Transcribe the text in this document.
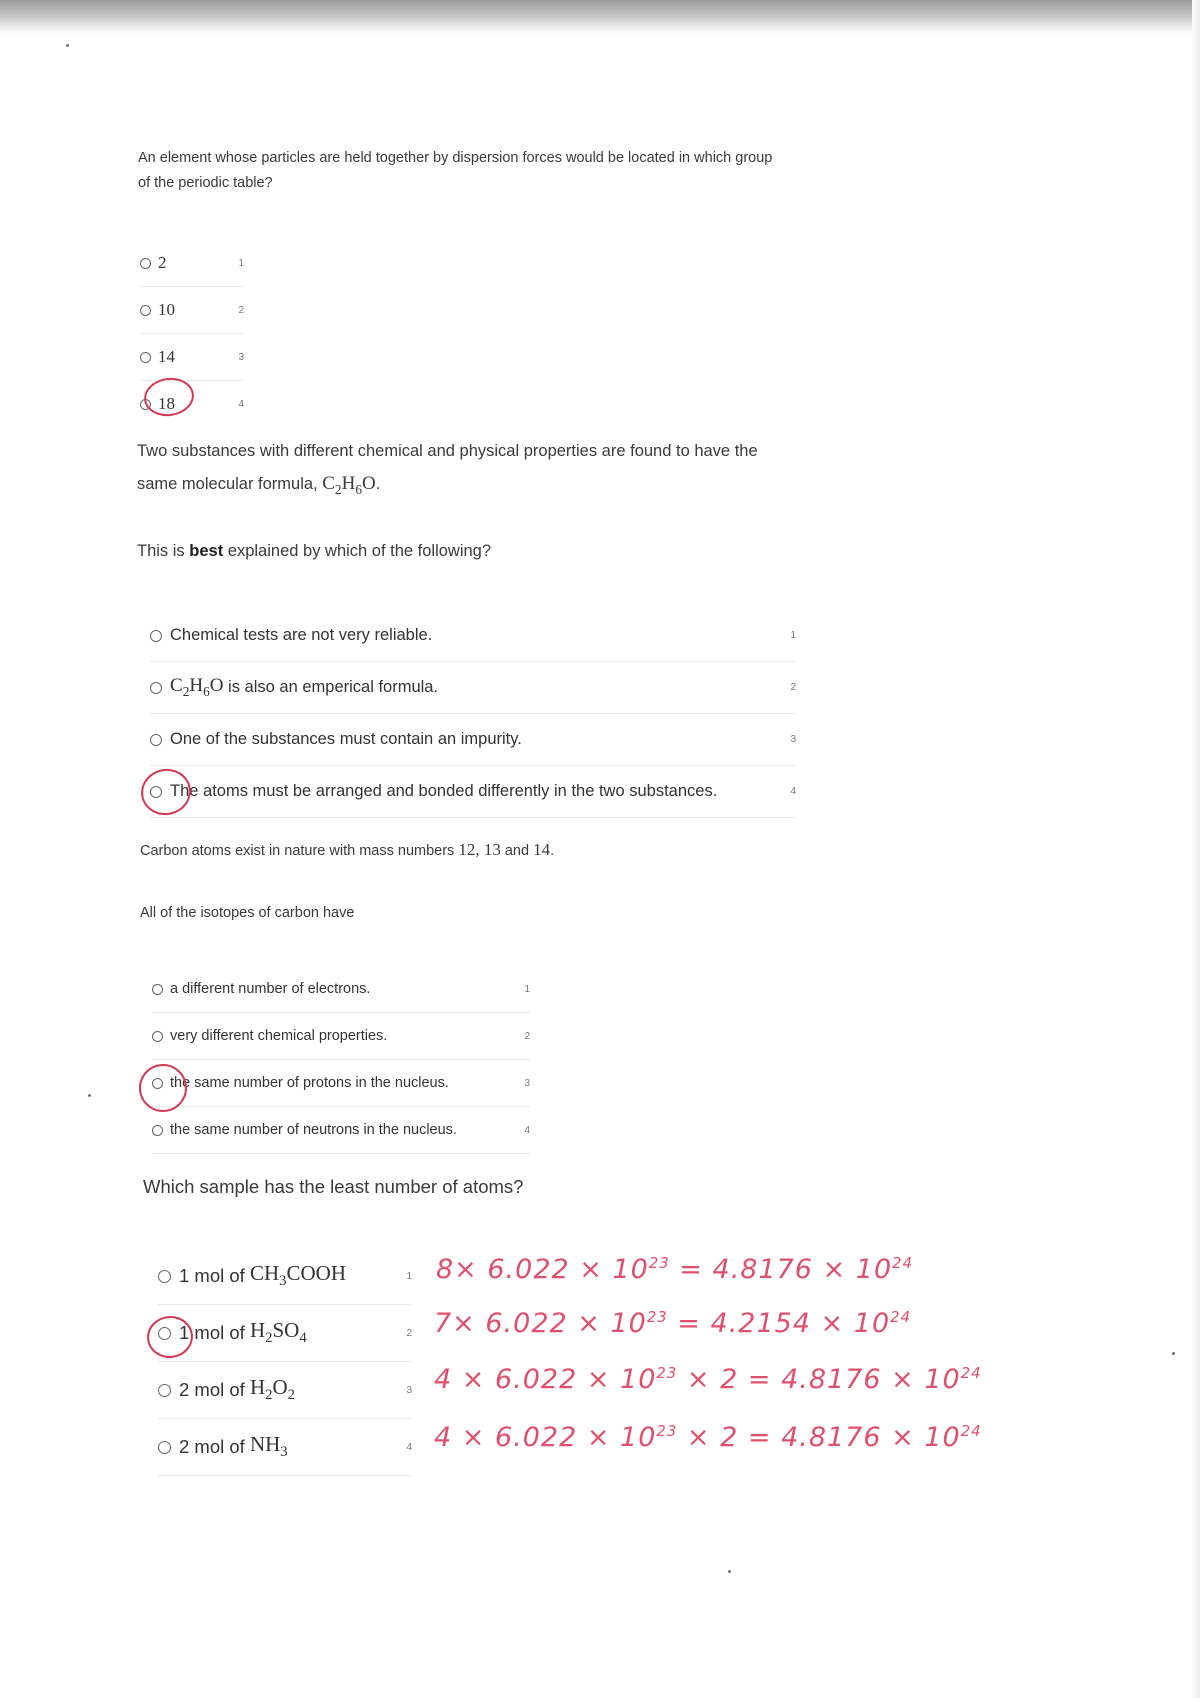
An element whose particles are held together by dispersion forces would be located in which group of the periodic table?

2	1
10	2
14	3
18	4

Two substances with different chemical and physical properties are found to have the
same molecular formula, $C_2H_6O$.

This is best explained by which of the following?

Chemical tests are not very reliable.	1
$C_2H_6O$ is also an emperical formula.	2
One of the substances must contain an impurity.	3
The atoms must be arranged and bonded differently in the two substances.	4

Carbon atoms exist in nature with mass numbers 12, 13 and 14.

All of the isotopes of carbon have

a different number of electrons.	1
very different chemical properties.	2
the same number of protons in the nucleus.	3
the same number of neutrons in the nucleus.	4

Which sample has the least number of atoms?

1 mol of $CH_3COOH$	1
1 mol of $H_2SO_4$	2
2 mol of $H_2O_2$	3
2 mol of $NH_3$	4
$8\times 6.022 \times 10^{23} = 4.8176 \times 10^{24}$
$7\times 6.022 \times 10^{23} = 4.2154 \times 10^{24}$
$4 \times 6.022 \times 10^{23} \times 2 = 4.8176 \times 10^{24}$
$4 \times 6.022 \times 10^{23} \times 2 = 4.8176 \times 10^{24}$
